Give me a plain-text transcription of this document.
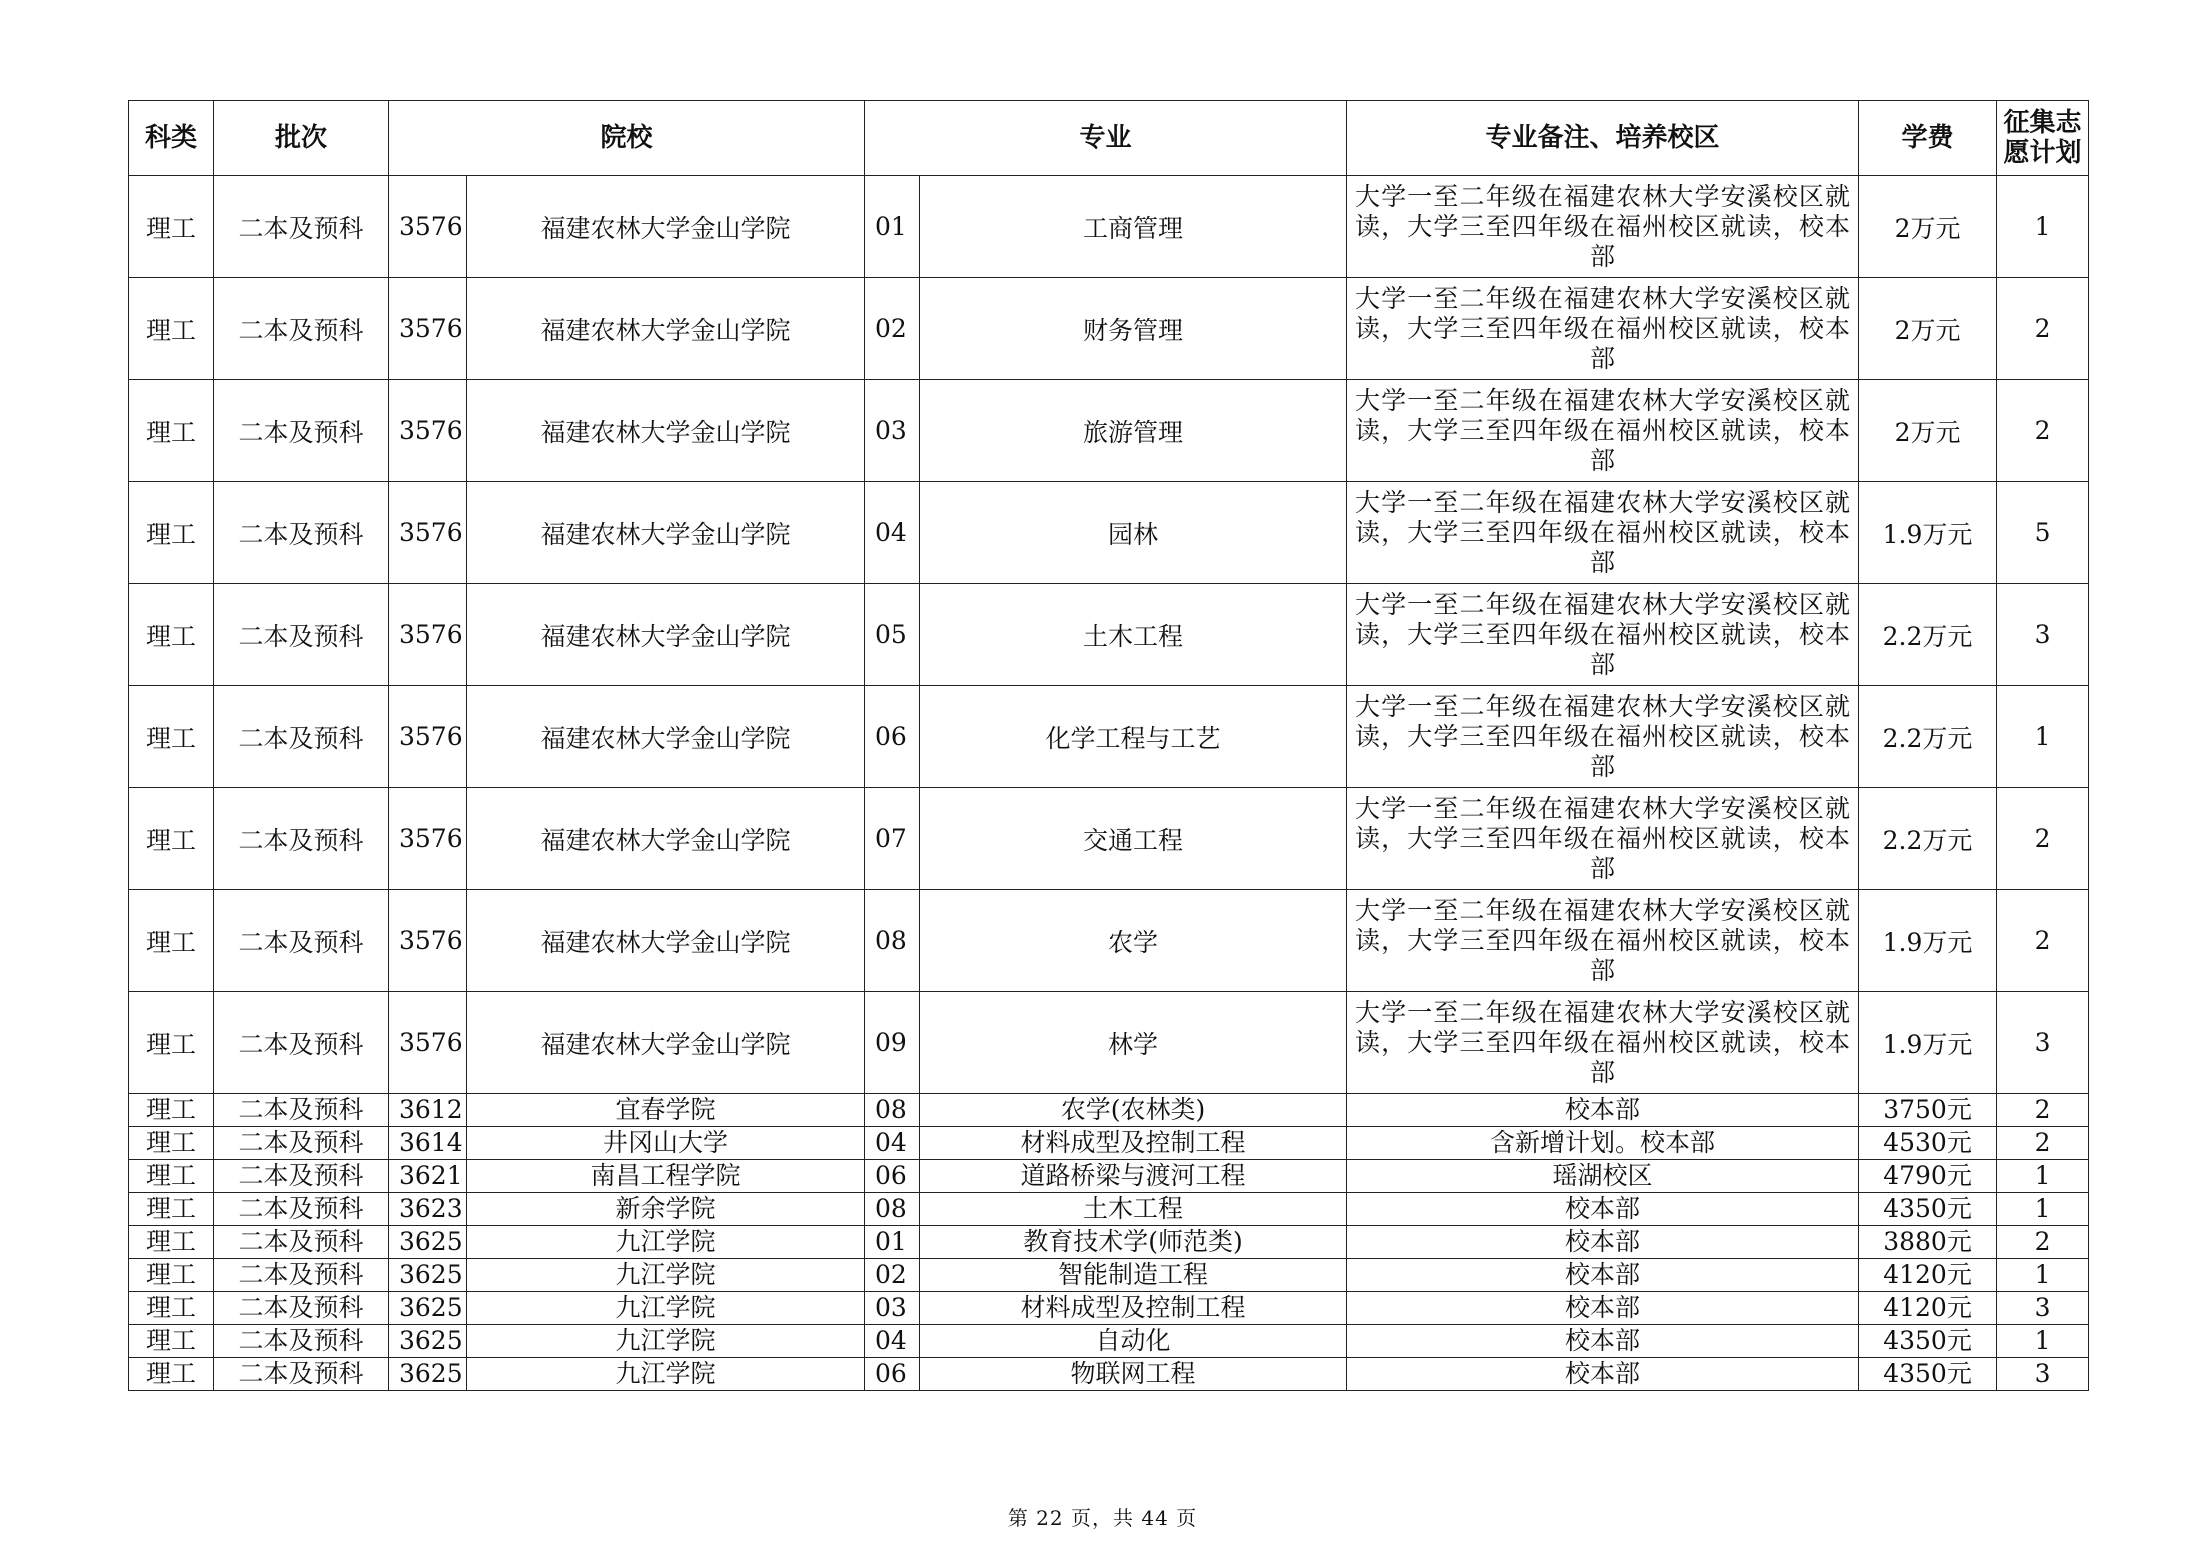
科类	批次	院校		专业		专业备注、培养校区	学费	征集志愿计划
理工	二本及预科	3576	福建农林大学金山学院	01	工商管理	大学一至二年级在福建农林大学安溪校区就读，大学三至四年级在福州校区就读，校本部	2万元	1
理工	二本及预科	3576	福建农林大学金山学院	02	财务管理	大学一至二年级在福建农林大学安溪校区就读，大学三至四年级在福州校区就读，校本部	2万元	2
理工	二本及预科	3576	福建农林大学金山学院	03	旅游管理	大学一至二年级在福建农林大学安溪校区就读，大学三至四年级在福州校区就读，校本部	2万元	2
理工	二本及预科	3576	福建农林大学金山学院	04	园林	大学一至二年级在福建农林大学安溪校区就读，大学三至四年级在福州校区就读，校本部	1.9万元	5
理工	二本及预科	3576	福建农林大学金山学院	05	土木工程	大学一至二年级在福建农林大学安溪校区就读，大学三至四年级在福州校区就读，校本部	2.2万元	3
理工	二本及预科	3576	福建农林大学金山学院	06	化学工程与工艺	大学一至二年级在福建农林大学安溪校区就读，大学三至四年级在福州校区就读，校本部	2.2万元	1
理工	二本及预科	3576	福建农林大学金山学院	07	交通工程	大学一至二年级在福建农林大学安溪校区就读，大学三至四年级在福州校区就读，校本部	2.2万元	2
理工	二本及预科	3576	福建农林大学金山学院	08	农学	大学一至二年级在福建农林大学安溪校区就读，大学三至四年级在福州校区就读，校本部	1.9万元	2
理工	二本及预科	3576	福建农林大学金山学院	09	林学	大学一至二年级在福建农林大学安溪校区就读，大学三至四年级在福州校区就读，校本部	1.9万元	3
理工	二本及预科	3612	宜春学院	08	农学(农林类)	校本部	3750元	2
理工	二本及预科	3614	井冈山大学	04	材料成型及控制工程	含新增计划。校本部	4530元	2
理工	二本及预科	3621	南昌工程学院	06	道路桥梁与渡河工程	瑶湖校区	4790元	1
理工	二本及预科	3623	新余学院	08	土木工程	校本部	4350元	1
理工	二本及预科	3625	九江学院	01	教育技术学(师范类)	校本部	3880元	2
理工	二本及预科	3625	九江学院	02	智能制造工程	校本部	4120元	1
理工	二本及预科	3625	九江学院	03	材料成型及控制工程	校本部	4120元	3
理工	二本及预科	3625	九江学院	04	自动化	校本部	4350元	1
理工	二本及预科	3625	九江学院	06	物联网工程	校本部	4350元	3
第 22 页，共 44 页
